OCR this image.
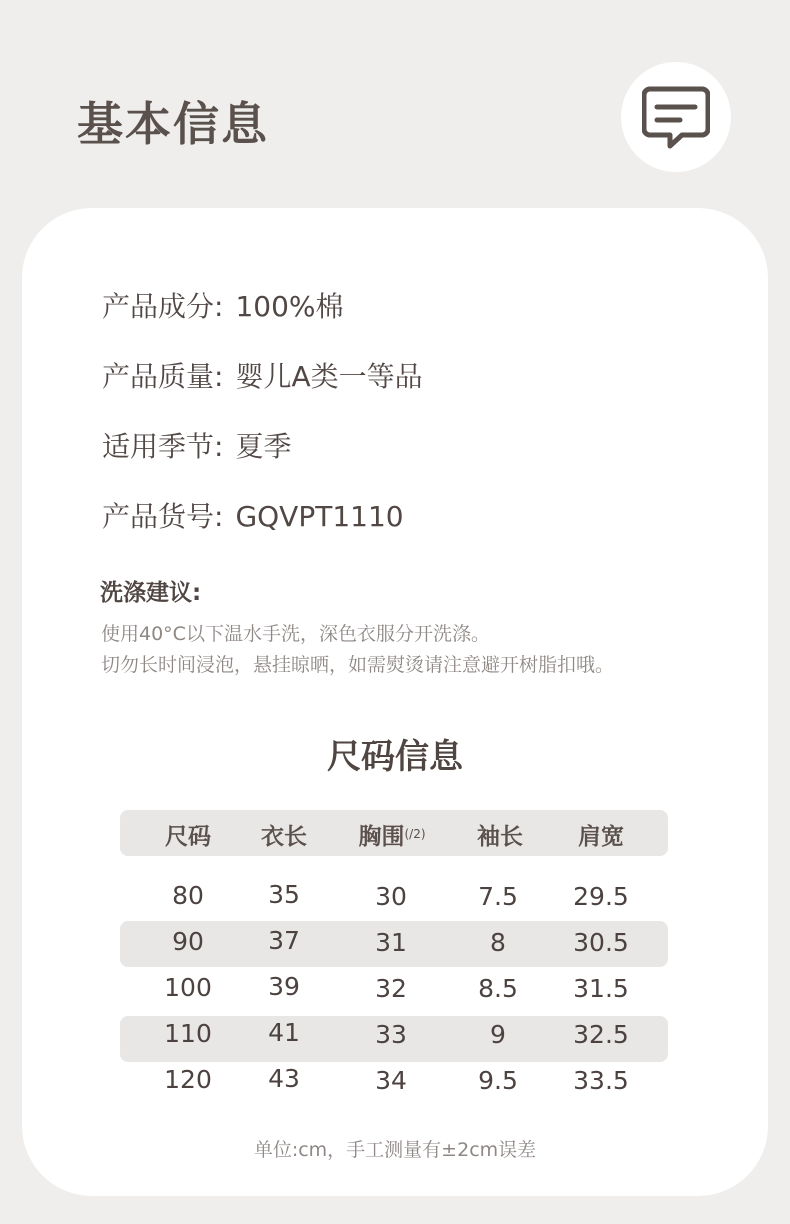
基本信息
产品成分: 100%棉
产品质量: 婴儿A类一等品
适用季节: 夏季
产品货号: GQVPT1110
洗涤建议:
使用40°C以下温水手洗，深色衣服分开洗涤。
切勿长时间浸泡，悬挂晾晒，如需熨烫请注意避开树脂扣哦。
尺码信息
尺码	衣长	胸围$^{(/2)}$	袖长	肩宽
80	35	30	7.5	29.5
90	37	31	8	30.5
100	39	32	8.5	31.5
110	41	33	9	32.5
120	43	34	9.5	33.5
单位:cm，手工测量有±2cm误差
